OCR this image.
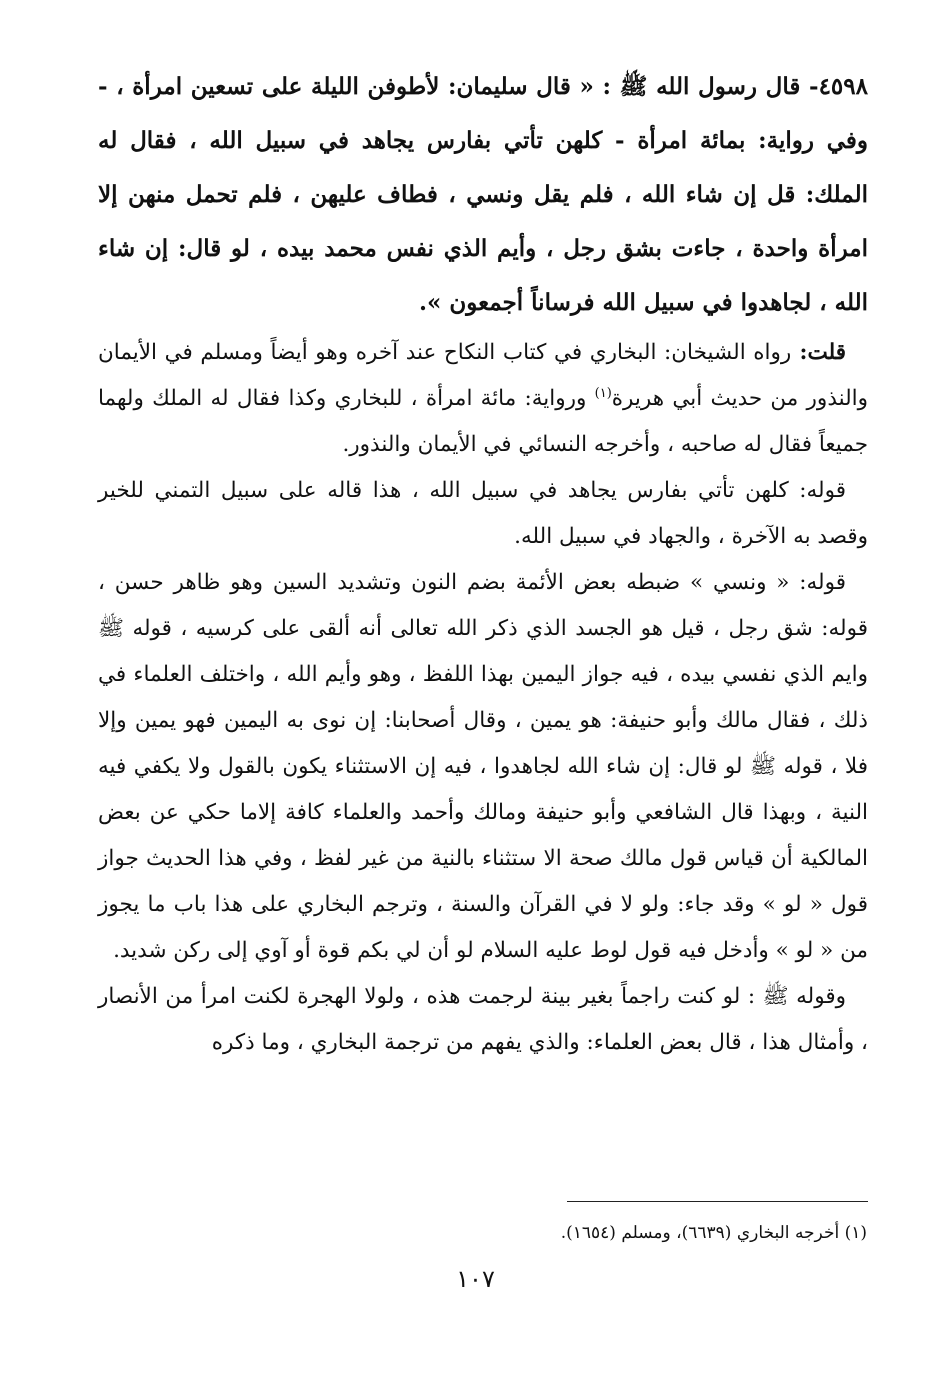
٤٥٩٨- قال رسول الله ﷺ : « قال سليمان: لأطوفن الليلة على تسعين امرأة ، - وفي رواية: بمائة امرأة - كلهن تأتي بفارس يجاهد في سبيل الله ، فقال له الملك: قل إن شاء الله ، فلم يقل ونسي ، فطاف عليهن ، فلم تحمل منهن إلا امرأة واحدة ، جاءت بشق رجل ، وأيم الذي نفس محمد بيده ، لو قال: إن شاء الله ، لجاهدوا في سبيل الله فرساناً أجمعون ».

قلت: رواه الشيخان: البخاري في كتاب النكاح عند آخره وهو أيضاً ومسلم في الأيمان والنذور من حديث أبي هريرة$^{(١)}$ ورواية: مائة امرأة ، للبخاري وكذا فقال له الملك ولهما جميعاً فقال له صاحبه ، وأخرجه النسائي في الأيمان والنذور.

قوله: كلهن تأتي بفارس يجاهد في سبيل الله ، هذا قاله على سبيل التمني للخير وقصد به الآخرة ، والجهاد في سبيل الله.

قوله: « ونسي » ضبطه بعض الأئمة بضم النون وتشديد السين وهو ظاهر حسن ، قوله: شق رجل ، قيل هو الجسد الذي ذكر الله تعالى أنه ألقى على كرسيه ، قوله ﷺ وايم الذي نفسي بيده ، فيه جواز اليمين بهذا اللفظ ، وهو وأيم الله ، واختلف العلماء في ذلك ، فقال مالك وأبو حنيفة: هو يمين ، وقال أصحابنا: إن نوى به اليمين فهو يمين وإلا فلا ، قوله ﷺ لو قال: إن شاء الله لجاهدوا ، فيه إن الاستثناء يكون بالقول ولا يكفي فيه النية ، وبهذا قال الشافعي وأبو حنيفة ومالك وأحمد والعلماء كافة إلاما حكي عن بعض المالكية أن قياس قول مالك صحة الا ستثناء بالنية من غير لفظ ، وفي هذا الحديث جواز قول « لو » وقد جاء: ولو لا في القرآن والسنة ، وترجم البخاري على هذا باب ما يجوز من « لو » وأدخل فيه قول لوط عليه السلام لو أن لي بكم قوة أو آوي إلى ركن شديد.

وقوله ﷺ : لو كنت راجماً بغير بينة لرجمت هذه ، ولولا الهجرة لكنت امرأ من الأنصار ، وأمثال هذا ، قال بعض العلماء: والذي يفهم من ترجمة البخاري ، وما ذكره

(١) أخرجه البخاري (٦٦٣٩)، ومسلم (١٦٥٤).

١٠٧
